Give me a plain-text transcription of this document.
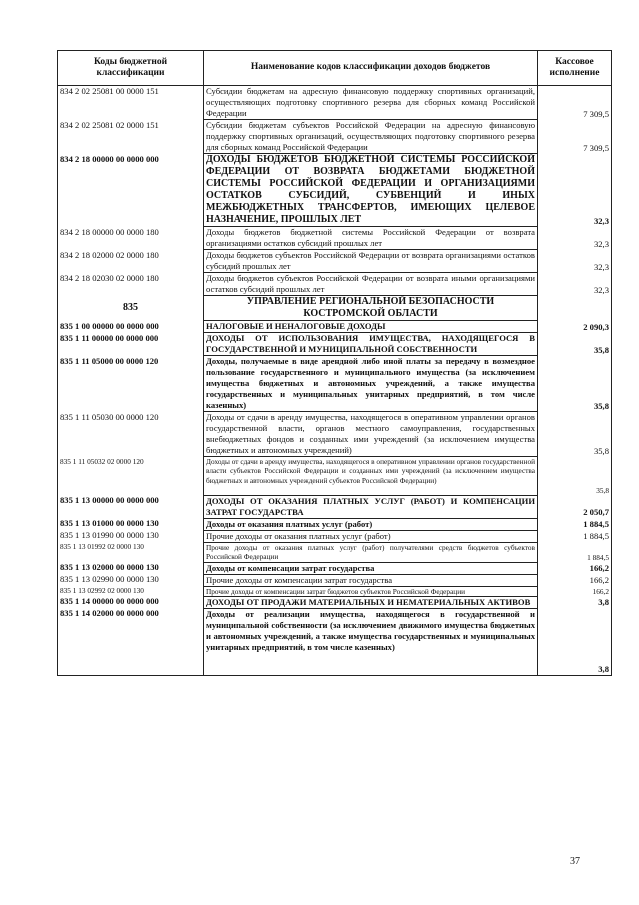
Коды бюджетной классификации	Наименование кодов классификации доходов бюджетов	Кассовое исполнение
834 2 02 25081 00 0000 151	Субсидии бюджетам на адресную финансовую поддержку спортивных организаций, осуществляющих подготовку спортивного резерва для сборных команд Российской Федерации	7 309,5
834 2 02 25081 02 0000 151	Субсидии бюджетам субъектов Российской Федерации на адресную финансовую поддержку спортивных организаций, осуществляющих подготовку спортивного резерва для сборных команд Российской Федерации	7 309,5
834 2 18 00000 00 0000 000	ДОХОДЫ БЮДЖЕТОВ БЮДЖЕТНОЙ СИСТЕМЫ РОССИЙСКОЙ ФЕДЕРАЦИИ ОТ ВОЗВРАТА БЮДЖЕТАМИ БЮДЖЕТНОЙ СИСТЕМЫ РОССИЙСКОЙ ФЕДЕРАЦИИ И ОРГАНИЗАЦИЯМИ ОСТАТКОВ СУБСИДИЙ, СУБВЕНЦИЙ И ИНЫХ МЕЖБЮДЖЕТНЫХ ТРАНСФЕРТОВ, ИМЕЮЩИХ ЦЕЛЕВОЕ НАЗНАЧЕНИЕ, ПРОШЛЫХ ЛЕТ	32,3
834 2 18 00000 00 0000 180	Доходы бюджетов бюджетной системы Российской Федерации от возврата организациями остатков субсидий прошлых лет	32,3
834 2 18 02000 02 0000 180	Доходы бюджетов субъектов Российской Федерации от возврата организациями остатков субсидий прошлых лет	32,3
834 2 18 02030 02 0000 180	Доходы бюджетов субъектов Российской Федерации от возврата иными организациями остатков субсидий прошлых лет	32,3
835	УПРАВЛЕНИЕ РЕГИОНАЛЬНОЙ БЕЗОПАСНОСТИ КОСТРОМСКОЙ ОБЛАСТИ	
835 1 00 00000 00 0000 000	НАЛОГОВЫЕ И НЕНАЛОГОВЫЕ ДОХОДЫ	2 090,3
835 1 11 00000 00 0000 000	ДОХОДЫ ОТ ИСПОЛЬЗОВАНИЯ ИМУЩЕСТВА, НАХОДЯЩЕГОСЯ В ГОСУДАРСТВЕННОЙ И МУНИЦИПАЛЬНОЙ СОБСТВЕННОСТИ	35,8
835 1 11 05000 00 0000 120	Доходы, получаемые в виде арендной либо иной платы за передачу в возмездное пользование государственного и муниципального имущества (за исключением имущества бюджетных и автономных учреждений, а также имущества государственных и муниципальных унитарных предприятий, в том числе казенных)	35,8
835 1 11 05030 00 0000 120	Доходы от сдачи в аренду имущества, находящегося в оперативном управлении органов государственной власти, органов местного самоуправления, государственных внебюджетных фондов и созданных ими учреждений (за исключением имущества бюджетных и автономных учреждений)	35,8
835 1 11 05032 02 0000 120	Доходы от сдачи в аренду имущества, находящегося в оперативном управлении органов государственной власти субъектов Российской Федерации и созданных ими учреждений (за исключением имущества бюджетных и автономных учреждений субъектов Российской Федерации)	35,8
835 1 13 00000 00 0000 000	ДОХОДЫ ОТ ОКАЗАНИЯ ПЛАТНЫХ УСЛУГ (РАБОТ) И КОМПЕНСАЦИИ ЗАТРАТ ГОСУДАРСТВА	2 050,7
835 1 13 01000 00 0000 130	Доходы от оказания платных услуг (работ)	1 884,5
835 1 13 01990 00 0000 130	Прочие доходы от оказания платных услуг (работ)	1 884,5
835 1 13 01992 02 0000 130	Прочие доходы от оказания платных услуг (работ) получателями средств бюджетов субъектов Российской Федерации	1 884,5
835 1 13 02000 00 0000 130	Доходы от компенсации затрат государства	166,2
835 1 13 02990 00 0000 130	Прочие доходы от компенсации затрат государства	166,2
835 1 13 02992 02 0000 130	Прочие доходы от компенсации затрат бюджетов субъектов Российской Федерации	166,2
835 1 14 00000 00 0000 000	ДОХОДЫ ОТ ПРОДАЖИ МАТЕРИАЛЬНЫХ И НЕМАТЕРИАЛЬНЫХ АКТИВОВ	3,8
835 1 14 02000 00 0000 000	Доходы от реализации имущества, находящегося в государственной и муниципальной собственности (за исключением движимого имущества бюджетных и автономных учреждений, а также имущества государственных и муниципальных унитарных предприятий, в том числе казенных)	3,8
37
